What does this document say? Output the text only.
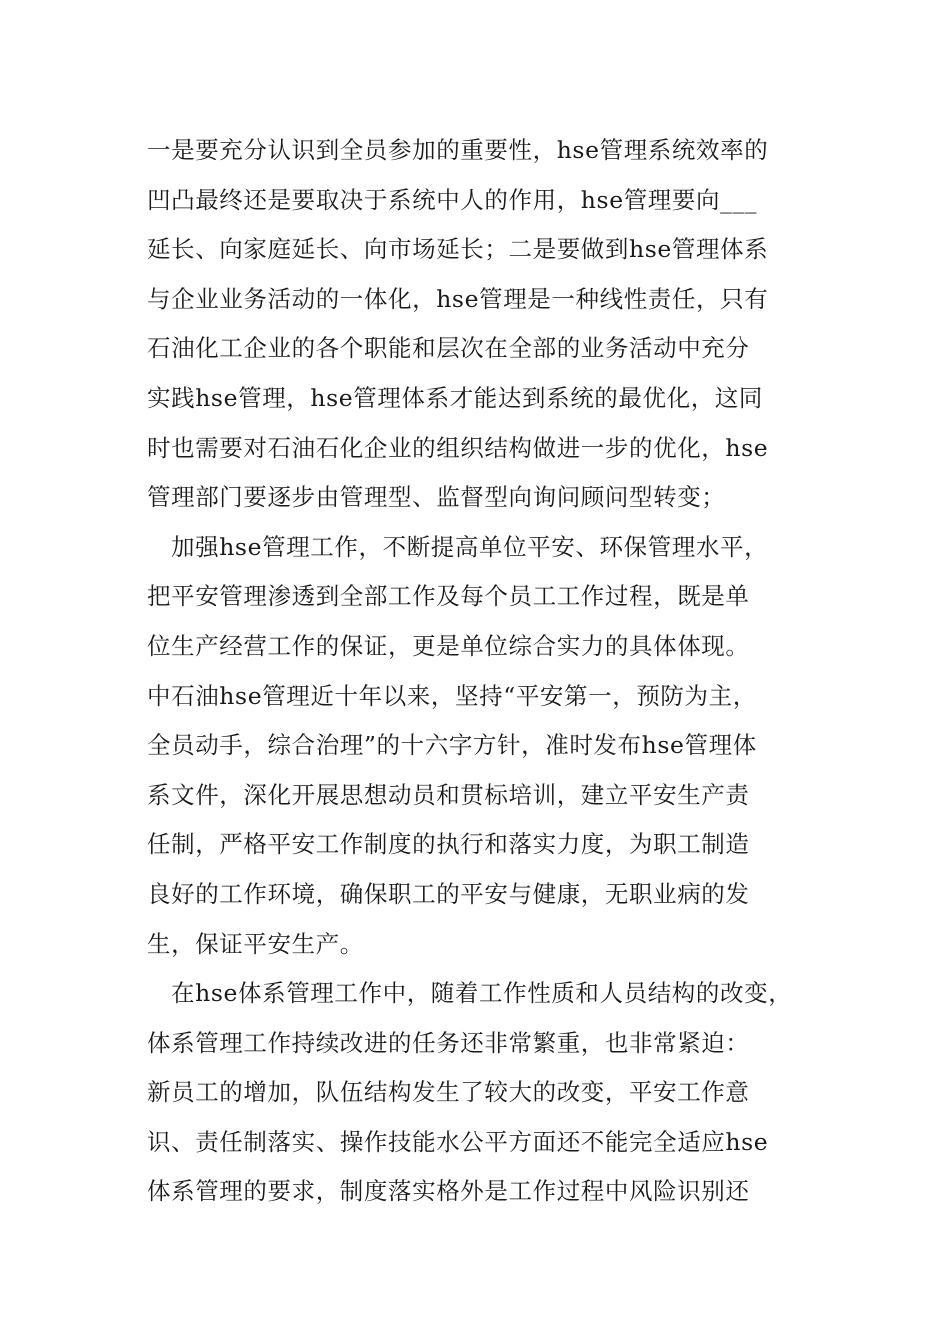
一是要充分认识到全员参加的重要性，hse管理系统效率的
凹凸最终还是要取决于系统中人的作用，hse管理要向___
延长、向家庭延长、向市场延长；二是要做到hse管理体系
与企业业务活动的一体化，hse管理是一种线性责任，只有
石油化工企业的各个职能和层次在全部的业务活动中充分
实践hse管理，hse管理体系才能达到系统的最优化，这同
时也需要对石油石化企业的组织结构做进一步的优化，hse
管理部门要逐步由管理型、监督型向询问顾问型转变；
加强hse管理工作，不断提高单位平安、环保管理水平，
把平安管理渗透到全部工作及每个员工工作过程，既是单
位生产经营工作的保证，更是单位综合实力的具体体现。
中石油hse管理近十年以来，坚持“平安第一，预防为主，
全员动手，综合治理”的十六字方针，准时发布hse管理体
系文件，深化开展思想动员和贯标培训，建立平安生产责
任制，严格平安工作制度的执行和落实力度，为职工制造
良好的工作环境，确保职工的平安与健康，无职业病的发
生，保证平安生产。
在hse体系管理工作中，随着工作性质和人员结构的改变，
体系管理工作持续改进的任务还非常繁重，也非常紧迫：
新员工的增加，队伍结构发生了较大的改变，平安工作意
识、责任制落实、操作技能水公平方面还不能完全适应hse
体系管理的要求，制度落实格外是工作过程中风险识别还
